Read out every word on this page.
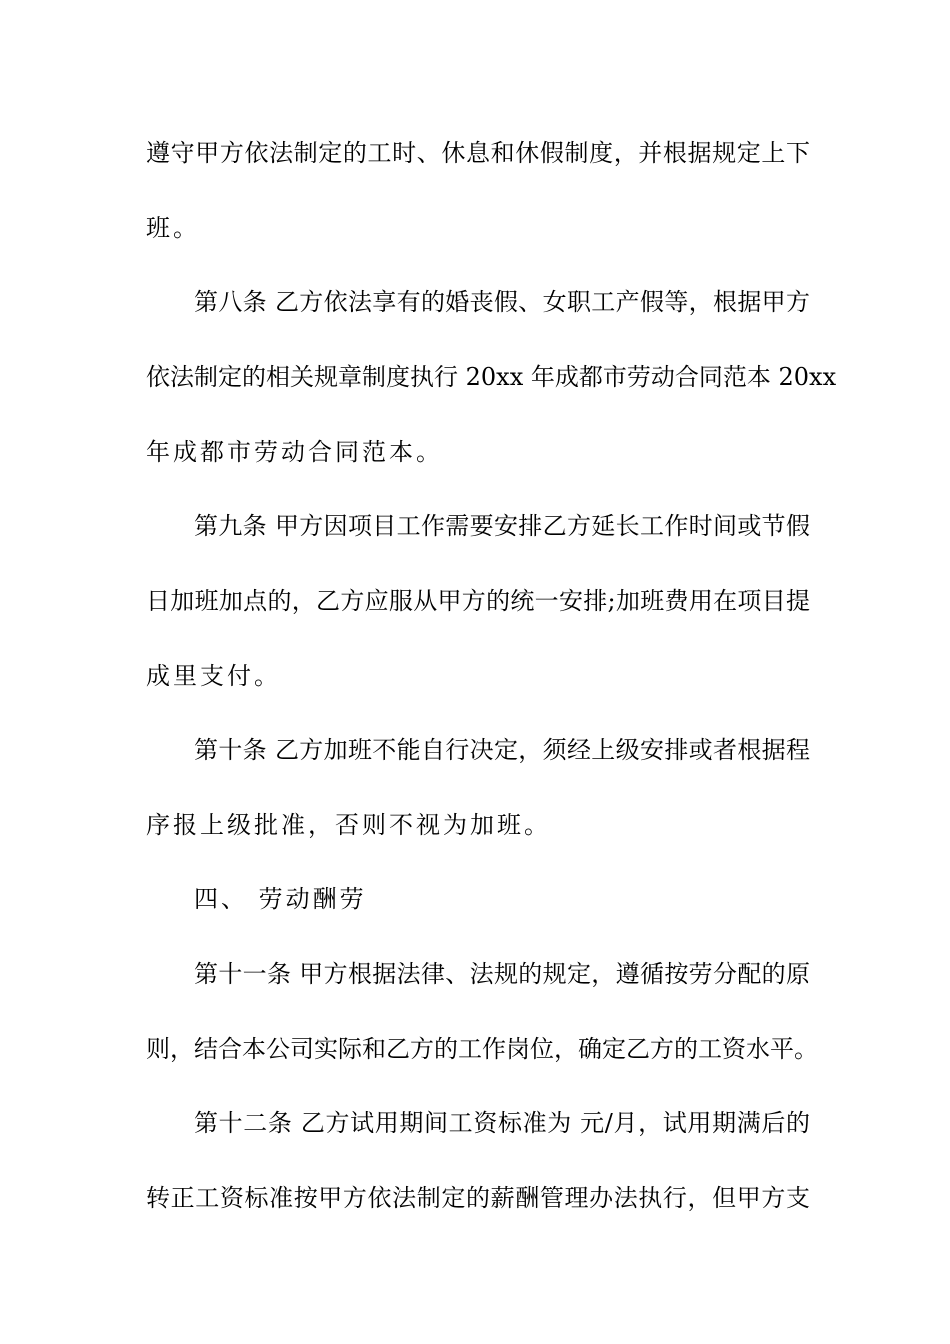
遵守甲方依法制定的工时、休息和休假制度，并根据规定上下
班。
第八条 乙方依法享有的婚丧假、女职工产假等，根据甲方
依法制定的相关规章制度执行 20xx 年成都市劳动合同范本 20xx
年成都市劳动合同范本。
第九条 甲方因项目工作需要安排乙方延长工作时间或节假
日加班加点的，乙方应服从甲方的统一安排;加班费用在项目提
成里支付。
第十条 乙方加班不能自行决定，须经上级安排或者根据程
序报上级批准，否则不视为加班。
四、 劳动酬劳
第十一条 甲方根据法律、法规的规定，遵循按劳分配的原
则，结合本公司实际和乙方的工作岗位，确定乙方的工资水平。
第十二条 乙方试用期间工资标准为 元/月，试用期满后的
转正工资标准按甲方依法制定的薪酬管理办法执行，但甲方支
